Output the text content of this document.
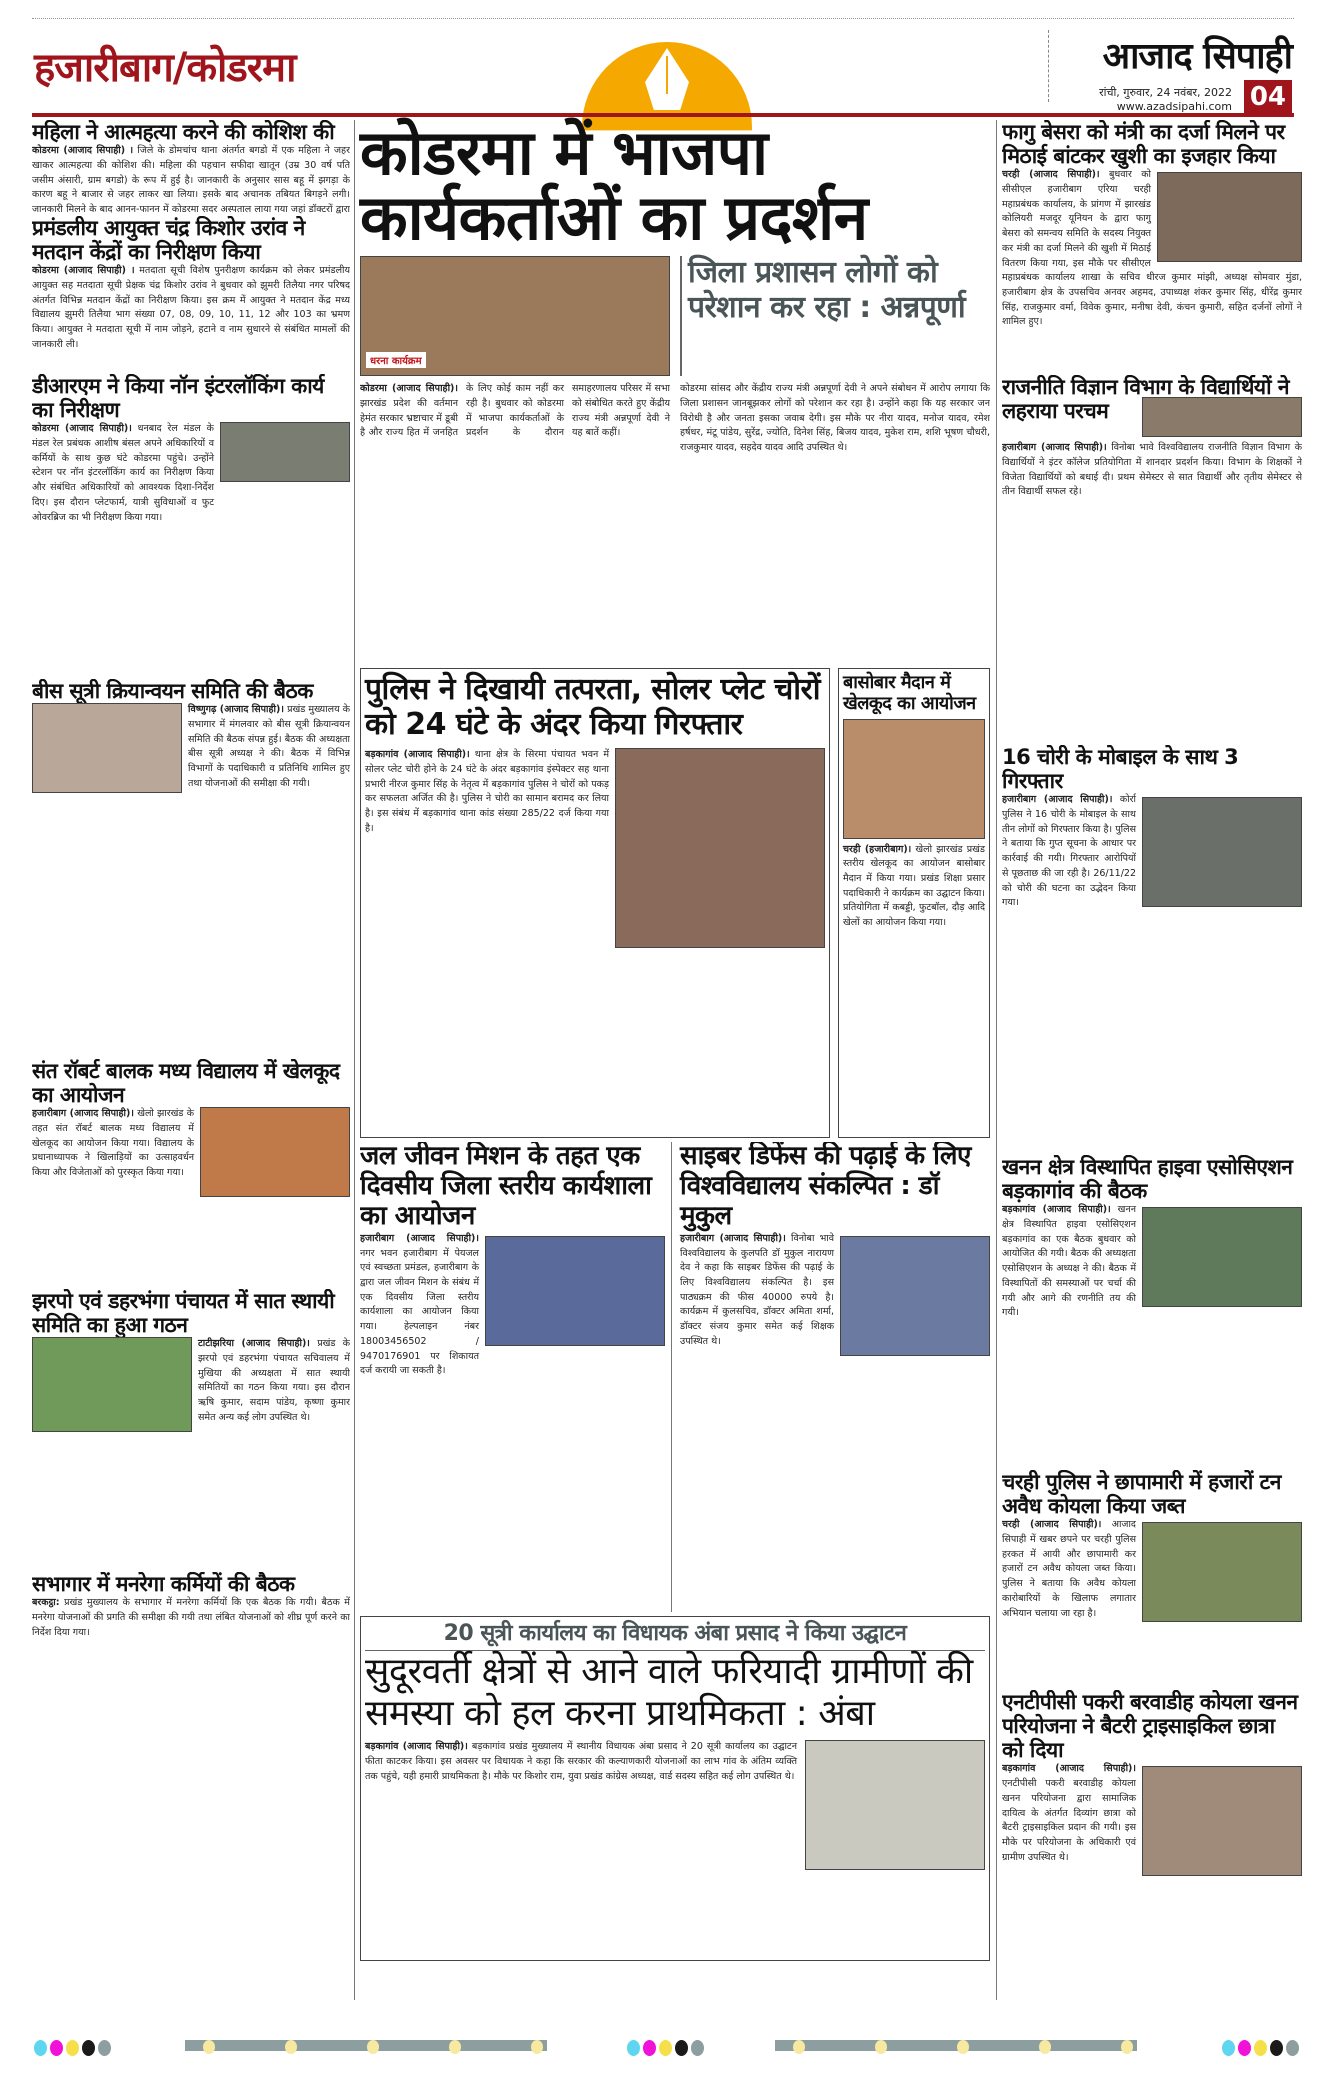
हजारीबाग/कोडरमा	आजाद सिपाही
रांची, गुरुवार, 24 नवंबर, 2022
www.azadsipahi.com 04
महिला ने आत्महत्या करने की कोशिश की
कोडरमा (आजाद सिपाही) । जिले के डोमचांच थाना अंतर्गत बगडो में एक महिला ने जहर खाकर आत्महत्या की कोशिश की। महिला की पहचान सफीदा खातून (उम्र 30 वर्ष पति जसीम अंसारी, ग्राम बगडो) के रूप में हुई है। जानकारी के अनुसार सास बहू में झगड़ा के कारण बहू ने बाजार से जहर लाकर खा लिया। इसके बाद अचानक तबियत बिगड़ने लगी। जानकारी मिलने के बाद आनन-फानन में कोडरमा सदर अस्पताल लाया गया जहां डॉक्टरों द्वारा
प्रमंडलीय आयुक्त चंद्र किशोर उरांव ने मतदान केंद्रों का निरीक्षण किया
कोडरमा (आजाद सिपाही) । मतदाता सूची विशेष पुनरीक्षण कार्यक्रम को लेकर प्रमंडलीय आयुक्त सह मतदाता सूची प्रेक्षक चंद्र किशोर उरांव ने बुधवार को झुमरी तिलैया नगर परिषद अंतर्गत विभिन्न मतदान केंद्रों का निरीक्षण किया। इस क्रम में आयुक्त ने मतदान केंद्र मध्य विद्यालय झुमरी तिलैया भाग संख्या 07, 08, 09, 10, 11, 12 और 103 का भ्रमण किया। आयुक्त ने मतदाता सूची में नाम जोड़ने, हटाने व नाम सुधारने से संबंधित मामलों की जानकारी ली।
डीआरएम ने किया नॉन इंटरलॉकिंग कार्य का निरीक्षण
कोडरमा (आजाद सिपाही)। धनबाद रेल मंडल के मंडल रेल प्रबंधक आशीष बंसल अपने अधिकारियों व कर्मियों के साथ कुछ घंटे कोडरमा पहुंचे। उन्होंने स्टेशन पर नॉन इंटरलॉकिंग कार्य का निरीक्षण किया और संबंधित अधिकारियों को आवश्यक दिशा-निर्देश दिए। इस दौरान प्लेटफार्म, यात्री सुविधाओं व फुट ओवरब्रिज का भी निरीक्षण किया गया।
बीस सूत्री क्रियान्वयन समिति की बैठक
विष्णुगढ़ (आजाद सिपाही)। प्रखंड मुख्यालय के सभागार में मंगलवार को बीस सूत्री क्रियान्वयन समिति की बैठक संपन्न हुई। बैठक की अध्यक्षता बीस सूत्री अध्यक्ष ने की। बैठक में विभिन्न विभागों के पदाधिकारी व प्रतिनिधि शामिल हुए तथा योजनाओं की समीक्षा की गयी।
संत रॉबर्ट बालक मध्य विद्यालय में खेलकूद का आयोजन
हजारीबाग (आजाद सिपाही)। खेलो झारखंड के तहत संत रॉबर्ट बालक मध्य विद्यालय में खेलकूद का आयोजन किया गया। विद्यालय के प्रधानाध्यापक ने खिलाड़ियों का उत्साहवर्धन किया और विजेताओं को पुरस्कृत किया गया।
झरपो एवं डहरभंगा पंचायत में सात स्थायी समिति का हुआ गठन
टाटीझरिया (आजाद सिपाही)। प्रखंड के झरपो एवं डहरभंगा पंचायत सचिवालय में मुखिया की अध्यक्षता में सात स्थायी समितियों का गठन किया गया। इस दौरान ऋषि कुमार, सदाम पांडेय, कृष्णा कुमार समेत अन्य कई लोग उपस्थित थे।
सभागार में मनरेगा कर्मियों की बैठक
बरकट्ठा: प्रखंड मुख्यालय के सभागार में मनरेगा कर्मियों कि एक बैठक कि गयी। बैठक में मनरेगा योजनाओं की प्रगति की समीक्षा की गयी तथा लंबित योजनाओं को शीघ्र पूर्ण करने का निर्देश दिया गया।
कोडरमा में भाजपा कार्यकर्ताओं का प्रदर्शन
धरना कार्यक्रम
जिला प्रशासन लोगों को परेशान कर रहा : अन्नपूर्णा
कोडरमा (आजाद सिपाही)। झारखंड प्रदेश की वर्तमान हेमंत सरकार भ्रष्टाचार में डूबी है और राज्य हित में जनहित के लिए कोई काम नहीं कर रही है। बुधवार को कोडरमा में भाजपा कार्यकर्ताओं के प्रदर्शन के दौरान समाहरणालय परिसर में सभा को संबोधित करते हुए केंद्रीय राज्य मंत्री अन्नपूर्णा देवी ने यह बातें कहीं।
कोडरमा सांसद और केंद्रीय राज्य मंत्री अन्नपूर्णा देवी ने अपने संबोधन में आरोप लगाया कि जिला प्रशासन जानबूझकर लोगों को परेशान कर रहा है। उन्होंने कहा कि यह सरकार जन विरोधी है और जनता इसका जवाब देगी। इस मौके पर नीरा यादव, मनोज यादव, रमेश हर्षधर, मंटू पांडेय, सुरेंद्र, ज्योति, दिनेश सिंह, बिजय यादव, मुकेश राम, शशि भूषण चौधरी, राजकुमार यादव, सहदेव यादव आदि उपस्थित थे।
पुलिस ने दिखायी तत्परता, सोलर प्लेट चोरों को 24 घंटे के अंदर किया गिरफ्तार
बड़कागांव (आजाद सिपाही)। थाना क्षेत्र के सिरमा पंचायत भवन में सोलर प्लेट चोरी होने के 24 घंटे के अंदर बड़कागांव इंस्पेक्टर सह थाना प्रभारी नीरज कुमार सिंह के नेतृत्व में बड़कागांव पुलिस ने चोरों को पकड़ कर सफलता अर्जित की है। पुलिस ने चोरी का सामान बरामद कर लिया है। इस संबंध में बड़कागांव थाना कांड संख्या 285/22 दर्ज किया गया है।
बासोबार मैदान में खेलकूद का आयोजन
चरही (हजारीबाग)। खेलो झारखंड प्रखंड स्तरीय खेलकूद का आयोजन बासोबार मैदान में किया गया। प्रखंड शिक्षा प्रसार पदाधिकारी ने कार्यक्रम का उद्घाटन किया। प्रतियोगिता में कबड्डी, फुटबॉल, दौड़ आदि खेलों का आयोजन किया गया।
जल जीवन मिशन के तहत एक दिवसीय जिला स्तरीय कार्यशाला का आयोजन
हजारीबाग (आजाद सिपाही)। नगर भवन हजारीबाग में पेयजल एवं स्वच्छता प्रमंडल, हजारीबाग के द्वारा जल जीवन मिशन के संबंध में एक दिवसीय जिला स्तरीय कार्यशाला का आयोजन किया गया। हेल्पलाइन नंबर 18003456502 / 9470176901 पर शिकायत दर्ज करायी जा सकती है।
साइबर डिफेंस की पढ़ाई के लिए विश्वविद्यालय संकल्पित : डॉ मुकुल
हजारीबाग (आजाद सिपाही)। विनोबा भावे विश्वविद्यालय के कुलपति डॉ मुकुल नारायण देव ने कहा कि साइबर डिफेंस की पढ़ाई के लिए विश्वविद्यालय संकल्पित है। इस पाठ्यक्रम की फीस 40000 रुपये है। कार्यक्रम में कुलसचिव, डॉक्टर अमिता शर्मा, डॉक्टर संजय कुमार समेत कई शिक्षक उपस्थित थे।
20 सूत्री कार्यालय का विधायक अंबा प्रसाद ने किया उद्घाटन
सुदूरवर्ती क्षेत्रों से आने वाले फरियादी ग्रामीणों की समस्या को हल करना प्राथमिकता : अंबा
बड़कागांव (आजाद सिपाही)। बड़कागांव प्रखंड मुख्यालय में स्थानीय विधायक अंबा प्रसाद ने 20 सूत्री कार्यालय का उद्घाटन फीता काटकर किया। इस अवसर पर विधायक ने कहा कि सरकार की कल्याणकारी योजनाओं का लाभ गांव के अंतिम व्यक्ति तक पहुंचे, यही हमारी प्राथमिकता है। मौके पर किशोर राम, युवा प्रखंड कांग्रेस अध्यक्ष, वार्ड सदस्य सहित कई लोग उपस्थित थे।
फागु बेसरा को मंत्री का दर्जा मिलने पर मिठाई बांटकर खुशी का इजहार किया
चरही (आजाद सिपाही)। बुधवार को सीसीएल हजारीबाग एरिया चरही महाप्रबंधक कार्यालय, के प्रांगण में झारखंड कोलियरी मजदूर यूनियन के द्वारा फागु बेसरा को समन्वय समिति के सदस्य नियुक्त कर मंत्री का दर्जा मिलने की खुशी में मिठाई वितरण किया गया, इस मौके पर सीसीएल महाप्रबंधक कार्यालय शाखा के सचिव धीरज कुमार मांझी, अध्यक्ष सोमवार मुंडा, हजारीबाग क्षेत्र के उपसचिव अनवर अहमद, उपाध्यक्ष शंकर कुमार सिंह, धीरेंद्र कुमार सिंह, राजकुमार वर्मा, विवेक कुमार, मनीषा देवी, कंचन कुमारी, सहित दर्जनों लोगों ने शामिल हुए।
राजनीति विज्ञान विभाग के विद्यार्थियों ने लहराया परचम
हजारीबाग (आजाद सिपाही)। विनोबा भावे विश्वविद्यालय राजनीति विज्ञान विभाग के विद्यार्थियों ने इंटर कॉलेज प्रतियोगिता में शानदार प्रदर्शन किया। विभाग के शिक्षकों ने विजेता विद्यार्थियों को बधाई दी। प्रथम सेमेस्टर से सात विद्यार्थी और तृतीय सेमेस्टर से तीन विद्यार्थी सफल रहे।
16 चोरी के मोबाइल के साथ 3 गिरफ्तार
हजारीबाग (आजाद सिपाही)। कोर्रा पुलिस ने 16 चोरी के मोबाइल के साथ तीन लोगों को गिरफ्तार किया है। पुलिस ने बताया कि गुप्त सूचना के आधार पर कार्रवाई की गयी। गिरफ्तार आरोपियों से पूछताछ की जा रही है। 26/11/22 को चोरी की घटना का उद्भेदन किया गया।
खनन क्षेत्र विस्थापित हाइवा एसोसिएशन बड़कागांव की बैठक
बड़कागांव (आजाद सिपाही)। खनन क्षेत्र विस्थापित हाइवा एसोसिएशन बड़कागांव का एक बैठक बुधवार को आयोजित की गयी। बैठक की अध्यक्षता एसोसिएशन के अध्यक्ष ने की। बैठक में विस्थापितों की समस्याओं पर चर्चा की गयी और आगे की रणनीति तय की गयी।
चरही पुलिस ने छापामारी में हजारों टन अवैध कोयला किया जब्त
चरही (आजाद सिपाही)। आजाद सिपाही में खबर छपने पर चरही पुलिस हरकत में आयी और छापामारी कर हजारों टन अवैध कोयला जब्त किया। पुलिस ने बताया कि अवैध कोयला कारोबारियों के खिलाफ लगातार अभियान चलाया जा रहा है।
एनटीपीसी पकरी बरवाडीह कोयला खनन परियोजना ने बैटरी ट्राइसाइकिल छात्रा को दिया
बड़कागांव (आजाद सिपाही)। एनटीपीसी पकरी बरवाडीह कोयला खनन परियोजना द्वारा सामाजिक दायित्व के अंतर्गत दिव्यांग छात्रा को बैटरी ट्राइसाइकिल प्रदान की गयी। इस मौके पर परियोजना के अधिकारी एवं ग्रामीण उपस्थित थे।
